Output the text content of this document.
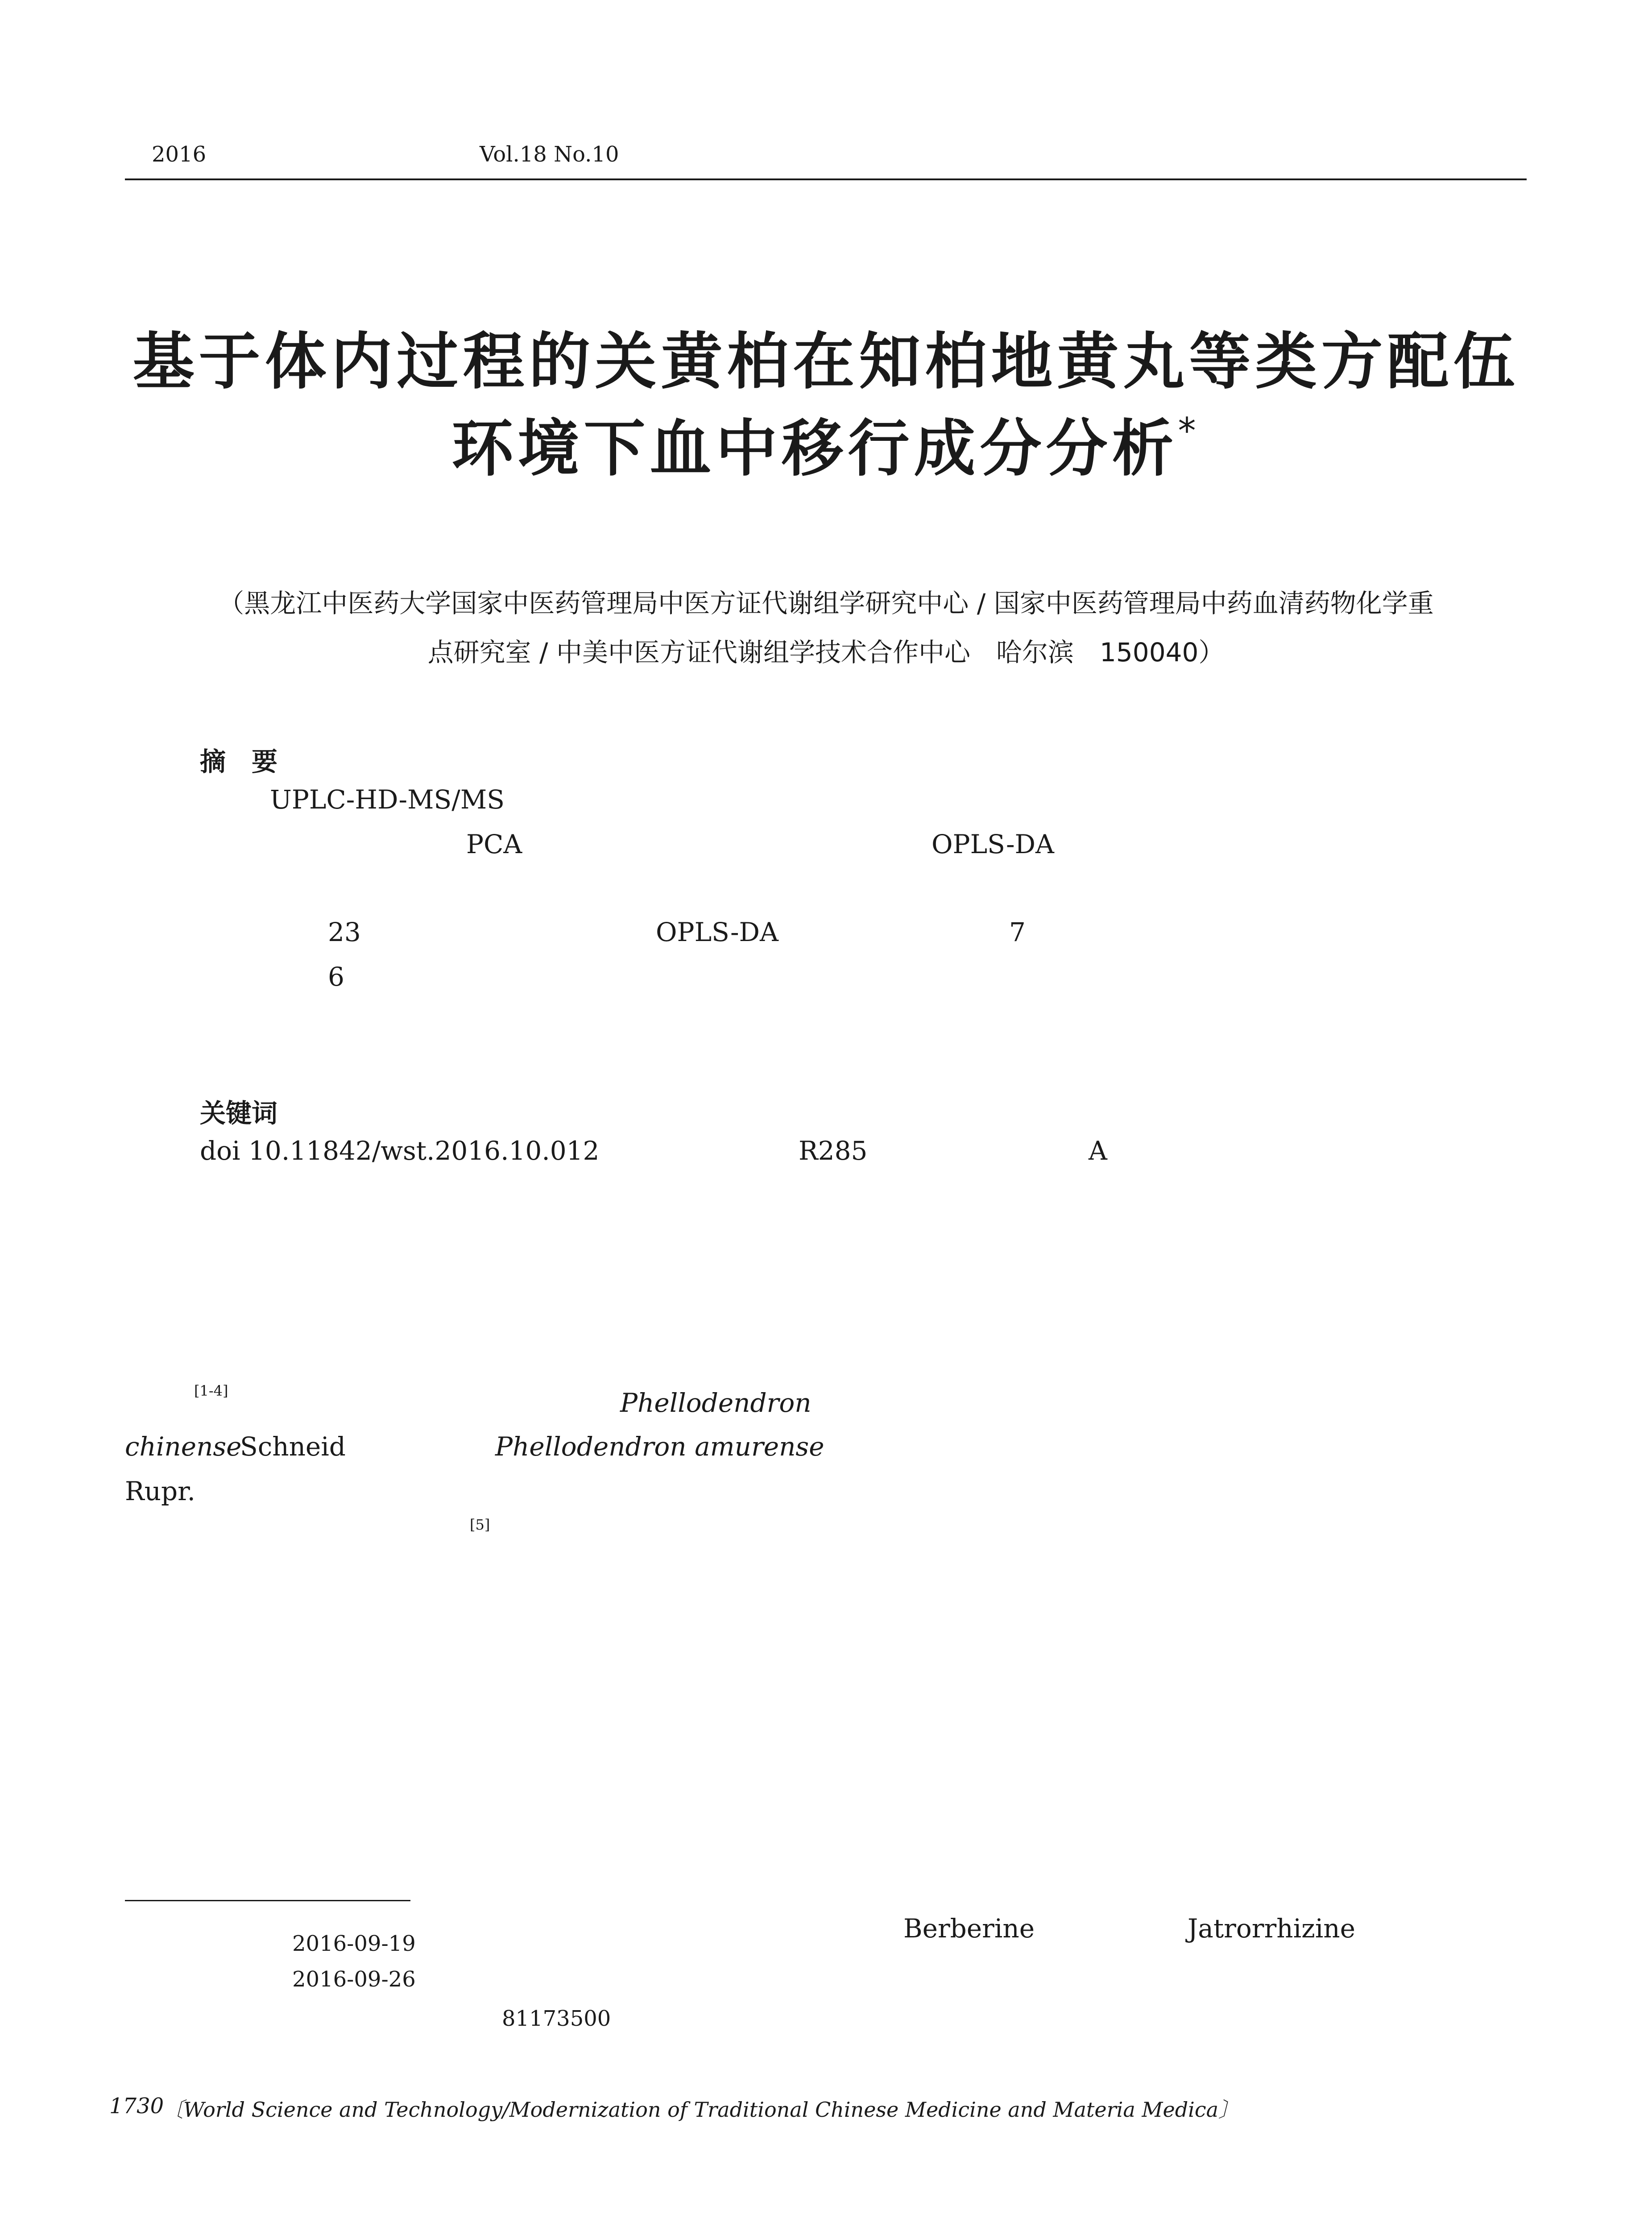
2016	Vol.18 No.10
基于体内过程的关黄柏在知柏地黄丸等类方配伍
环境下血中移行成分分析*
（黑龙江中医药大学国家中医药管理局中医方证代谢组学研究中心 / 国家中医药管理局中药血清药物化学重
点研究室 / 中美中医方证代谢组学技术合作中心　哈尔滨　150040）
摘　要
UPLC-HD-MS/MS
PCA	OPLS-DA
23	OPLS-DA	7
6
关键词
doi 10.11842/wst.2016.10.012	R285	A
[1-4]	Phellodendron
chinense
Schneid	Phellodendron amurense
Rupr.
[5]
Berberine	Jatrorrhizine
2016-09-19
2016-09-26
81173500
1730
〔World Science and Technology/Modernization of Traditional Chinese Medicine and Materia Medica〕
